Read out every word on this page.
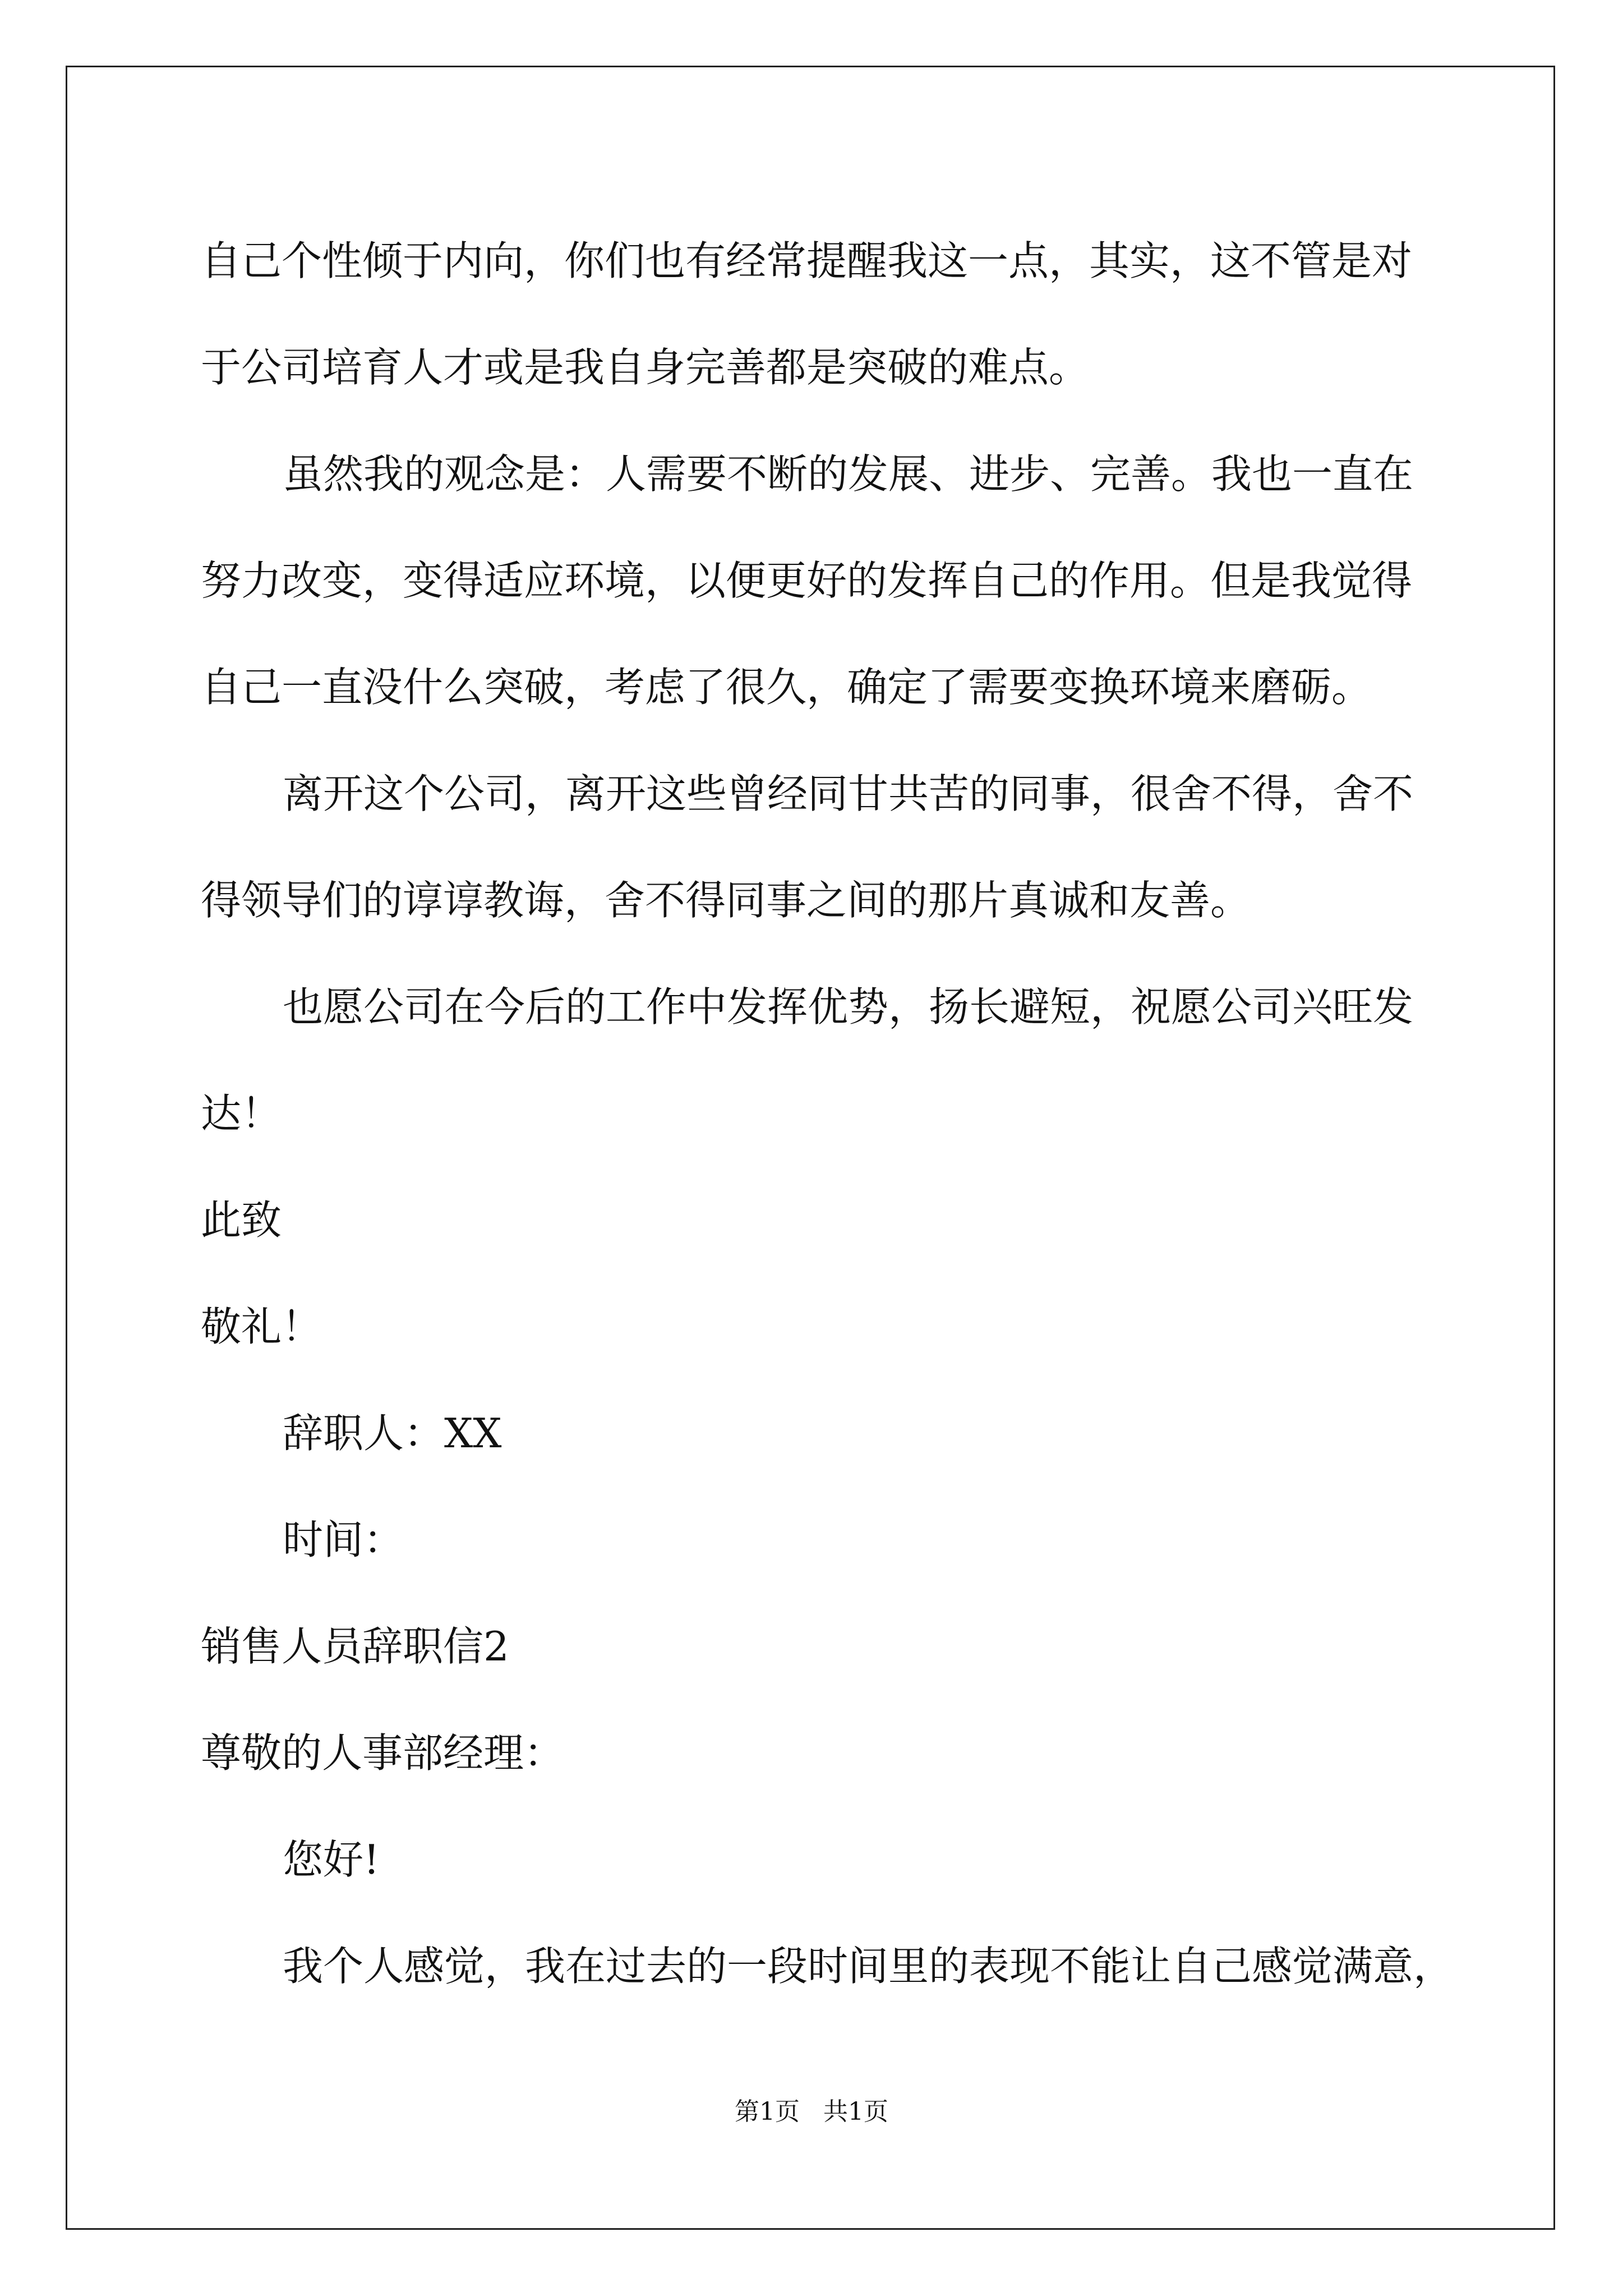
自己个性倾于内向，你们也有经常提醒我这一点，其实，这不管是对

于公司培育人才或是我自身完善都是突破的难点。

虽然我的观念是：人需要不断的发展、进步、完善。我也一直在

努力改变，变得适应环境，以便更好的发挥自己的作用。但是我觉得

自己一直没什么突破，考虑了很久，确定了需要变换环境来磨砺。

离开这个公司，离开这些曾经同甘共苦的同事，很舍不得，舍不

得领导们的谆谆教诲，舍不得同事之间的那片真诚和友善。

也愿公司在今后的工作中发挥优势，扬长避短，祝愿公司兴旺发

达！

此致

敬礼！

辞职人：XX

时间：

销售人员辞职信2

尊敬的人事部经理：

您好!

我个人感觉，我在过去的一段时间里的表现不能让自己感觉满意，

第1页 共1页
